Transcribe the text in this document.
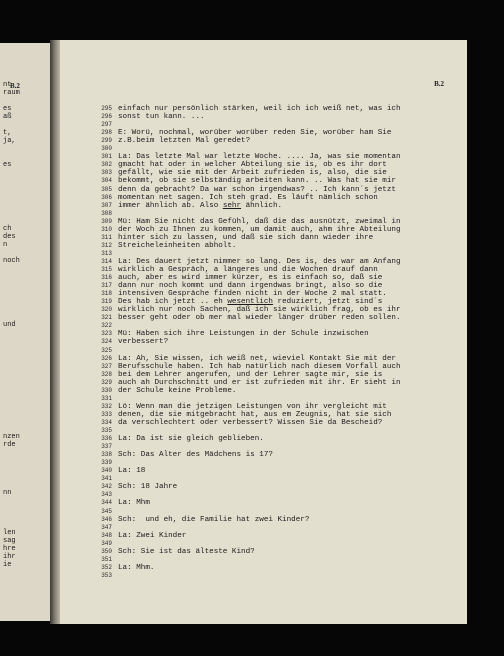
B.2
nt
raum
es
aß
t,
ja,
es
ch
des
n
noch
und
nzen
rde
nn
len
sag
hre
ihr
ie
B.2
295 einfach nur persönlich stärken, weil ich ich weiß net, was ich
296 sonst tun kann. ...
297
298 E: Worü, nochmal, worüber worüber reden Sie, worüber ham Sie
299 z.B.beim letzten Mal geredet?
300
301 La: Das letzte Mal war letzte Woche. .... Ja, was sie momentan
302 gmacht hat oder in welcher Abteilung sie is, ob es ihr dort
303 gefällt, wie sie mit der Arbeit zufrieden is, also, die sie
304 bekommt, ob sie selbständig arbeiten kann. .. Was hat sie mir
305 denn da gebracht? Da war schon irgendwas? .. Ich kann´s jetzt
306 momentan net sagen. Ich steh grad. Es läuft nämlich schon
307 immer ähnlich ab. Also sehr ähnlich.
308
309 Mü: Ham Sie nicht das Gefühl, daß die das ausnützt, zweimal in
310 der Woch zu Ihnen zu kommen, um damit auch, ahm ihre Abteilung
311 hinter sich zu lassen, und daß sie sich dann wieder ihre
312 Streicheleinheiten abholt.
313
314 La: Des dauert jetzt nimmer so lang. Des is, des war am Anfang
315 wirklich a Gespräch, a längeres und die Wochen drauf dann
316 auch, aber es wird immer kürzer, es is einfach so, daß sie
317 dann nur noch kommt und dann irgendwas bringt, also so die
318 intensiven Gespräche finden nicht in der Woche 2 mal statt.
319 Des hab ich jetzt .. eh wesentlich reduziert, jetzt sind´s
320 wirklich nur noch Sachen, daß ich sie wirklich frag, ob es ihr
321 besser geht oder ob mer mal wieder länger drüber reden sollen.
322
323 Mü: Haben sich ihre Leistungen in der Schule inzwischen
324 verbessert?
325
326 La: Ah, Sie wissen, ich weiß net, wieviel Kontakt Sie mit der
327 Berufsschule haben. Ich hab natürlich nach diesem Vorfall auch
328 bei dem Lehrer angerufen, und der Lehrer sagte mir, sie is
329 auch ah Durchschnitt und er ist zufrieden mit ihr. Er sieht in
330 der Schule keine Probleme.
331
332 Lö: Wenn man die jetzigen Leistungen von ihr vergleicht mit
333 denen, die sie mitgebracht hat, aus em Zeugnis, hat sie sich
334 da verschlechtert oder verbessert? Wissen Sie da Bescheid?
335
336 La: Da ist sie gleich geblieben.
337
338 Sch: Das Alter des Mädchens is 17?
339
340 La: 18
341
342 Sch: 18 Jahre
343
344 La: Mhm
345
346 Sch:  und eh, die Familie hat zwei Kinder?
347
348 La: Zwei Kinder
349
350 Sch: Sie ist das älteste Kind?
351
352 La: Mhm.
353
